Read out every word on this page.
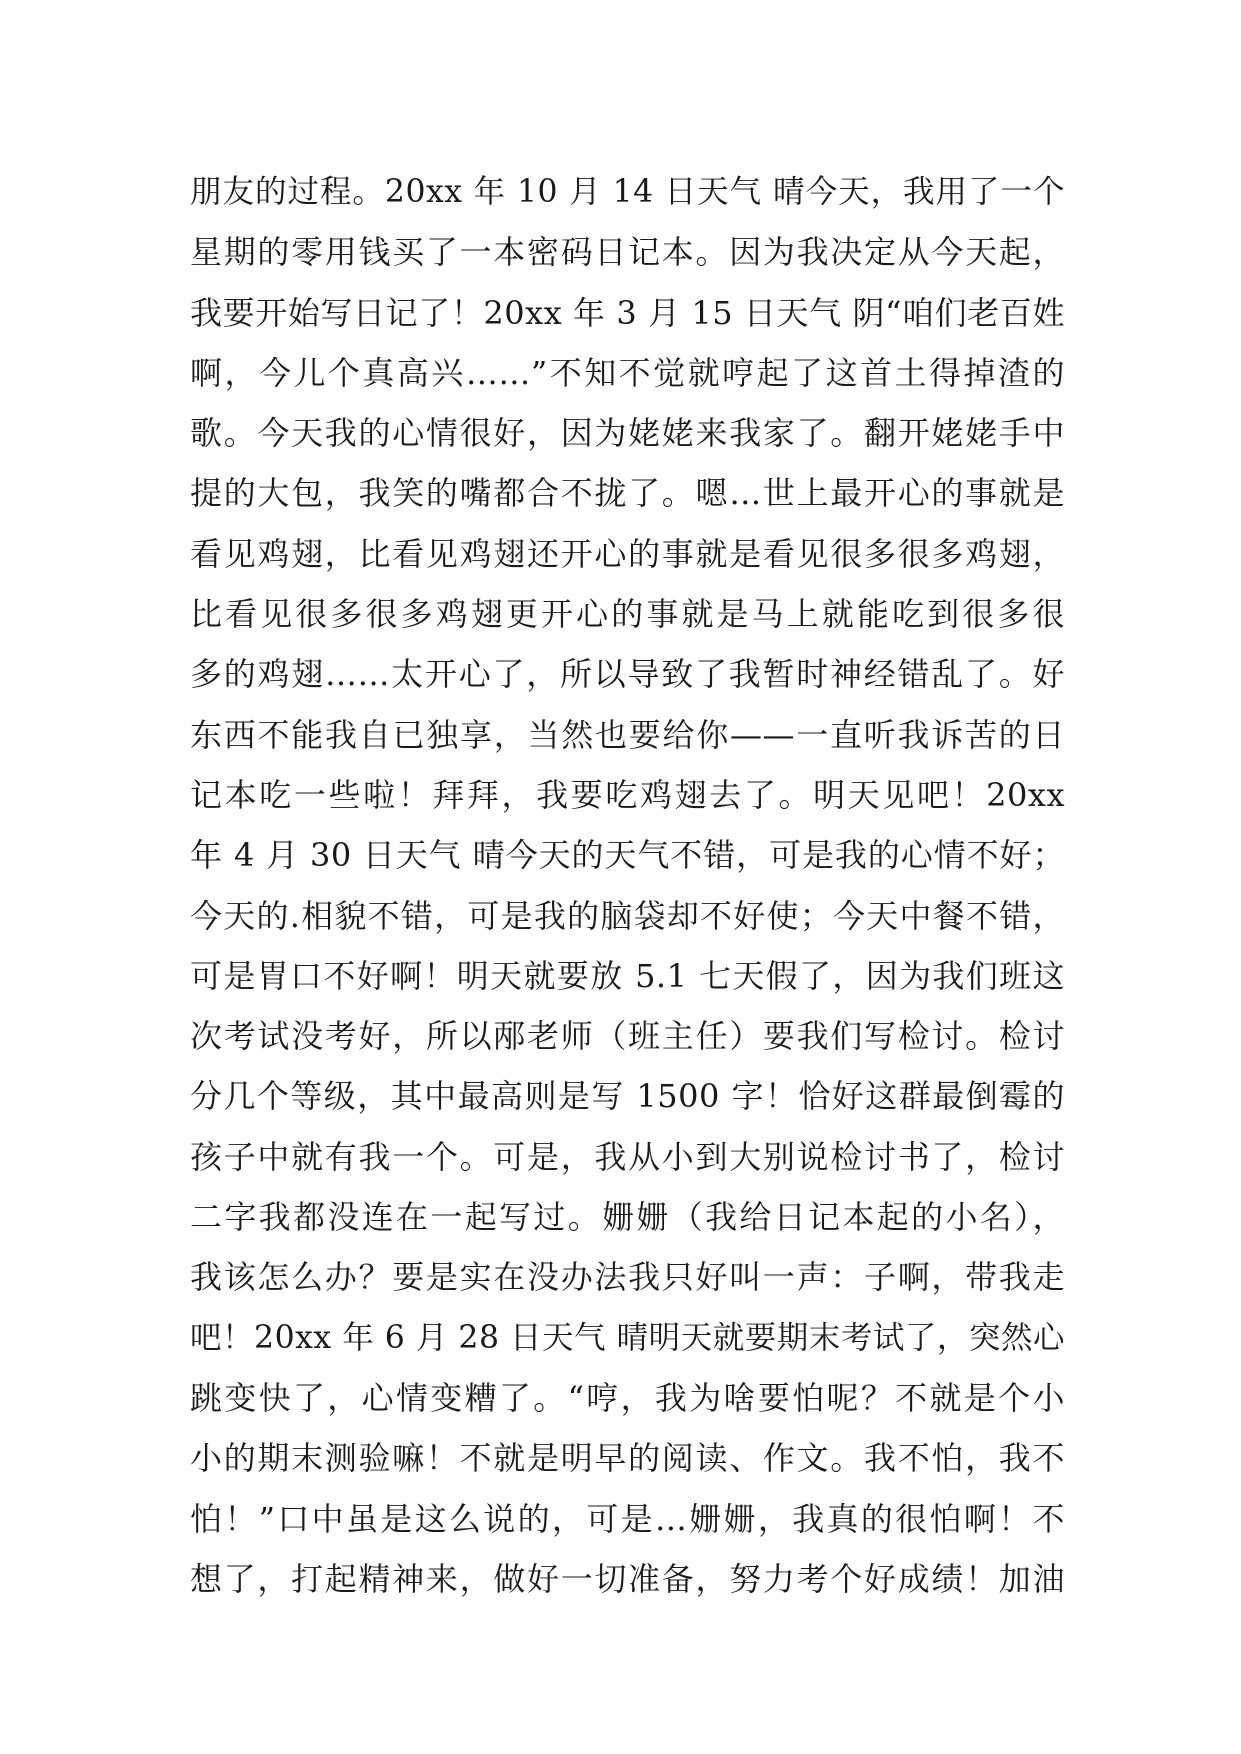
朋友的过程。20xx 年 10 月 14 日天气 晴今天，我用了一个
星期的零用钱买了一本密码日记本。因为我决定从今天起，
我要开始写日记了！20xx 年 3 月 15 日天气 阴“咱们老百姓
啊，今儿个真高兴……”不知不觉就哼起了这首土得掉渣的
歌。今天我的心情很好，因为姥姥来我家了。翻开姥姥手中
提的大包，我笑的嘴都合不拢了。嗯…世上最开心的事就是
看见鸡翅，比看见鸡翅还开心的事就是看见很多很多鸡翅，
比看见很多很多鸡翅更开心的事就是马上就能吃到很多很
多的鸡翅……太开心了，所以导致了我暂时神经错乱了。好
东西不能我自已独享，当然也要给你——一直听我诉苦的日
记本吃一些啦！拜拜，我要吃鸡翅去了。明天见吧！20xx
年 4 月 30 日天气 晴今天的天气不错，可是我的心情不好；
今天的.相貌不错，可是我的脑袋却不好使；今天中餐不错，
可是胃口不好啊！明天就要放 5.1 七天假了，因为我们班这
次考试没考好，所以邴老师（班主任）要我们写检讨。检讨
分几个等级，其中最高则是写 1500 字！恰好这群最倒霉的
孩子中就有我一个。可是，我从小到大别说检讨书了，检讨
二字我都没连在一起写过。姗姗（我给日记本起的小名），
我该怎么办？要是实在没办法我只好叫一声：子啊，带我走
吧！20xx 年 6 月 28 日天气 晴明天就要期末考试了，突然心
跳变快了，心情变糟了。“哼，我为啥要怕呢？不就是个小
小的期末测验嘛！不就是明早的阅读、作文。我不怕，我不
怕！”口中虽是这么说的，可是…姗姗，我真的很怕啊！不
想了，打起精神来，做好一切准备，努力考个好成绩！加油
